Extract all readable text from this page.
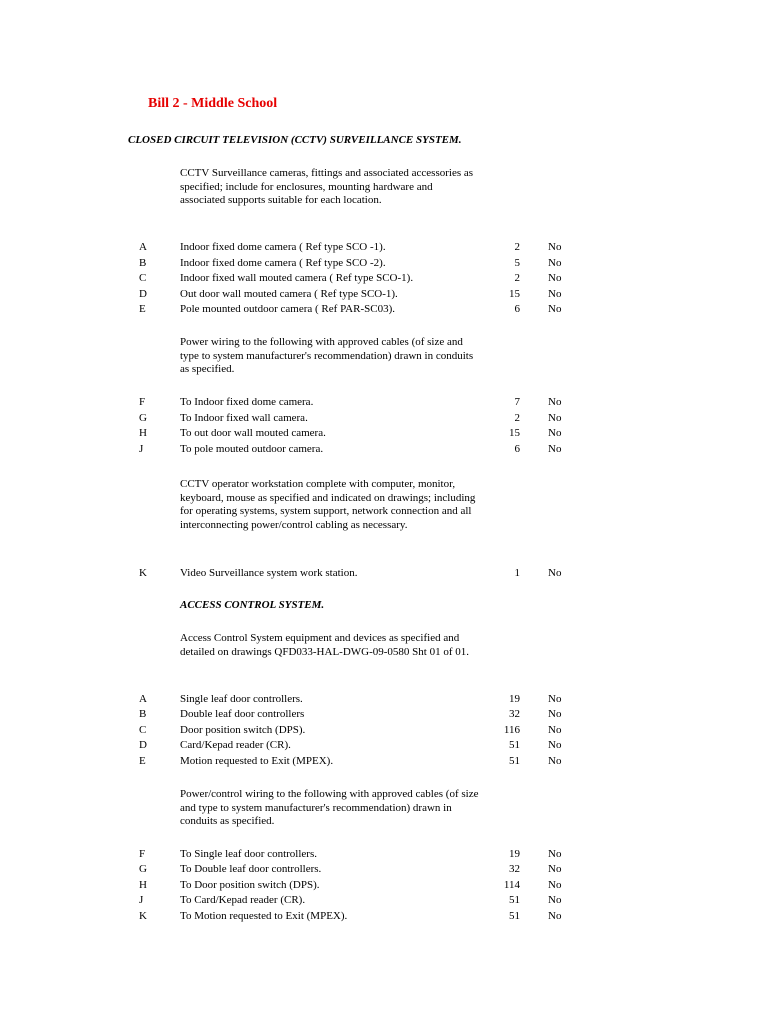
Bill 2 - Middle School
CLOSED CIRCUIT TELEVISION (CCTV) SURVEILLANCE SYSTEM.
CCTV Surveillance cameras, fittings and associated accessories as specified; include for enclosures, mounting hardware and associated supports suitable for each location.
A	Indoor fixed dome camera ( Ref type SCO -1).	2	No
B	Indoor fixed dome camera ( Ref type SCO -2).	5	No
C	Indoor fixed wall mouted camera ( Ref type SCO-1).	2	No
D	Out door wall mouted camera ( Ref type SCO-1).	15	No
E	Pole mounted outdoor camera ( Ref PAR-SC03).	6	No
Power wiring to the following with approved cables (of size and type to system manufacturer's recommendation) drawn in conduits as specified.
F	To Indoor fixed dome camera.	7	No
G	To Indoor fixed wall camera.	2	No
H	To out door wall mouted camera.	15	No
J	To pole mouted outdoor camera.	6	No
CCTV operator workstation complete with computer, monitor, keyboard, mouse as specified and indicated on drawings; including for operating systems, system support, network connection and all interconnecting power/control cabling as necessary.
K	Video Surveillance system work station.	1	No
ACCESS CONTROL SYSTEM.
Access Control System equipment and devices as specified and detailed on drawings QFD033-HAL-DWG-09-0580 Sht 01 of 01.
A	Single leaf door controllers.	19	No
B	Double leaf door controllers	32	No
C	Door position switch (DPS).	116	No
D	Card/Kepad reader (CR).	51	No
E	Motion requested to Exit (MPEX).	51	No
Power/control wiring to the following with approved cables (of size and type to system manufacturer's recommendation) drawn in conduits as specified.
F	To Single leaf door controllers.	19	No
G	To Double leaf door controllers.	32	No
H	To Door position switch (DPS).	114	No
J	To Card/Kepad reader (CR).	51	No
K	To Motion requested to Exit (MPEX).	51	No
